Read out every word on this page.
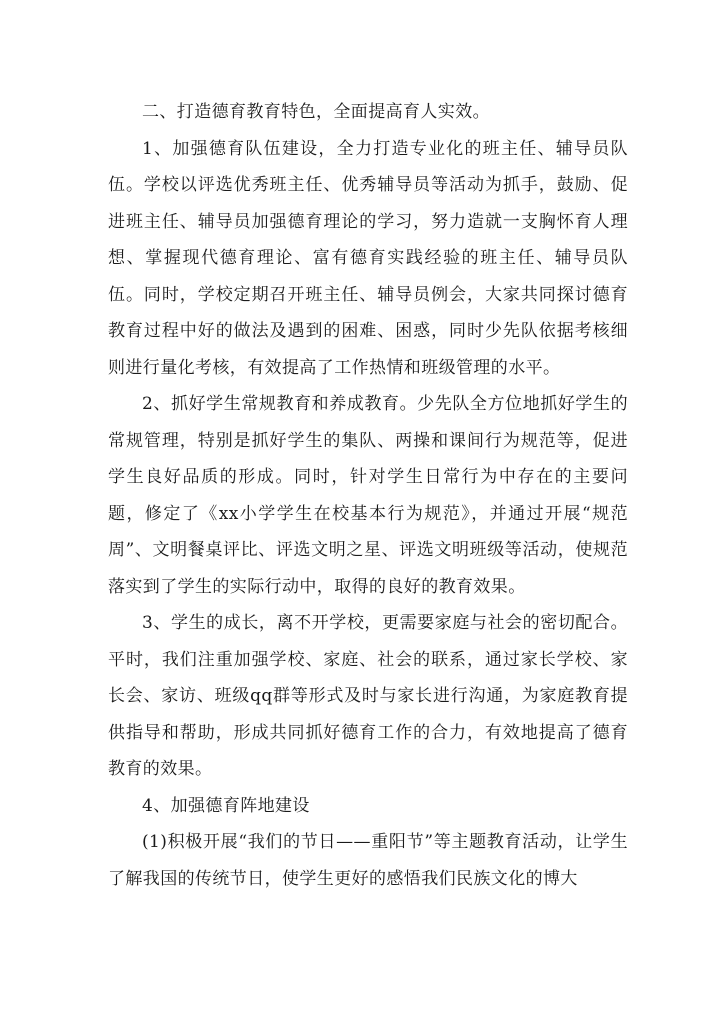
二、打造德育教育特色，全面提高育人实效。

1、加强德育队伍建设，全力打造专业化的班主任、辅导员队伍。学校以评选优秀班主任、优秀辅导员等活动为抓手，鼓励、促进班主任、辅导员加强德育理论的学习，努力造就一支胸怀育人理想、掌握现代德育理论、富有德育实践经验的班主任、辅导员队伍。同时，学校定期召开班主任、辅导员例会，大家共同探讨德育教育过程中好的做法及遇到的困难、困惑，同时少先队依据考核细则进行量化考核，有效提高了工作热情和班级管理的水平。

2、抓好学生常规教育和养成教育。少先队全方位地抓好学生的常规管理，特别是抓好学生的集队、两操和课间行为规范等，促进学生良好品质的形成。同时，针对学生日常行为中存在的主要问题，修定了《xx小学学生在校基本行为规范》，并通过开展“规范周”、文明餐桌评比、评选文明之星、评选文明班级等活动，使规范落实到了学生的实际行动中，取得的良好的教育效果。

3、学生的成长，离不开学校，更需要家庭与社会的密切配合。平时，我们注重加强学校、家庭、社会的联系，通过家长学校、家长会、家访、班级qq群等形式及时与家长进行沟通，为家庭教育提供指导和帮助，形成共同抓好德育工作的合力，有效地提高了德育教育的效果。

4、加强德育阵地建设

(1)积极开展“我们的节日——重阳节”等主题教育活动，让学生了解我国的传统节日，使学生更好的感悟我们民族文化的博大
